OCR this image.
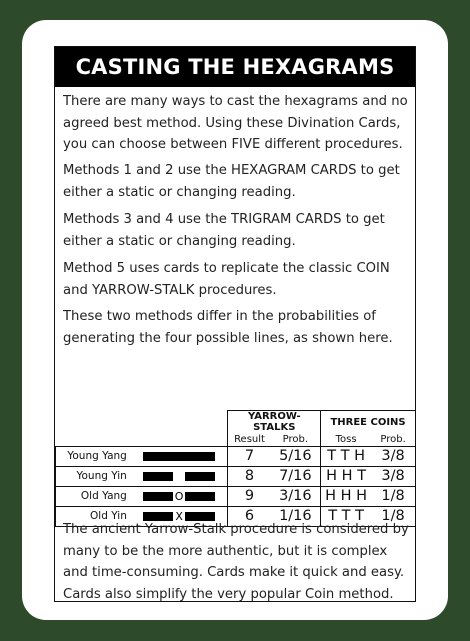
CASTING THE HEXAGRAMS

There are many ways to cast the hexagrams and no agreed best method. Using these Divination Cards, you can choose between FIVE different procedures.

Methods 1 and 2 use the HEXAGRAM CARDS to get either a static or changing reading.

Methods 3 and 4 use the TRIGRAM CARDS to get either a static or changing reading.

Method 5 uses cards to replicate the classic COIN and YARROW-STALK procedures.

These two methods differ in the probabilities of generating the four possible lines, as shown here.

		YARROW-STALKS		THREE COINS	
		Result	Prob.	Toss	Prob.
Young Yang		7	5/16	T T H	3/8
Young Yin		8	7/16	H H T	3/8
Old Yang	O	9	3/16	H H H	1/8
Old Yin	X	6	1/16	T T T	1/8

The ancient Yarrow-Stalk procedure is considered by many to be the more authentic, but it is complex and time-consuming. Cards make it quick and easy. Cards also simplify the very popular Coin method.
